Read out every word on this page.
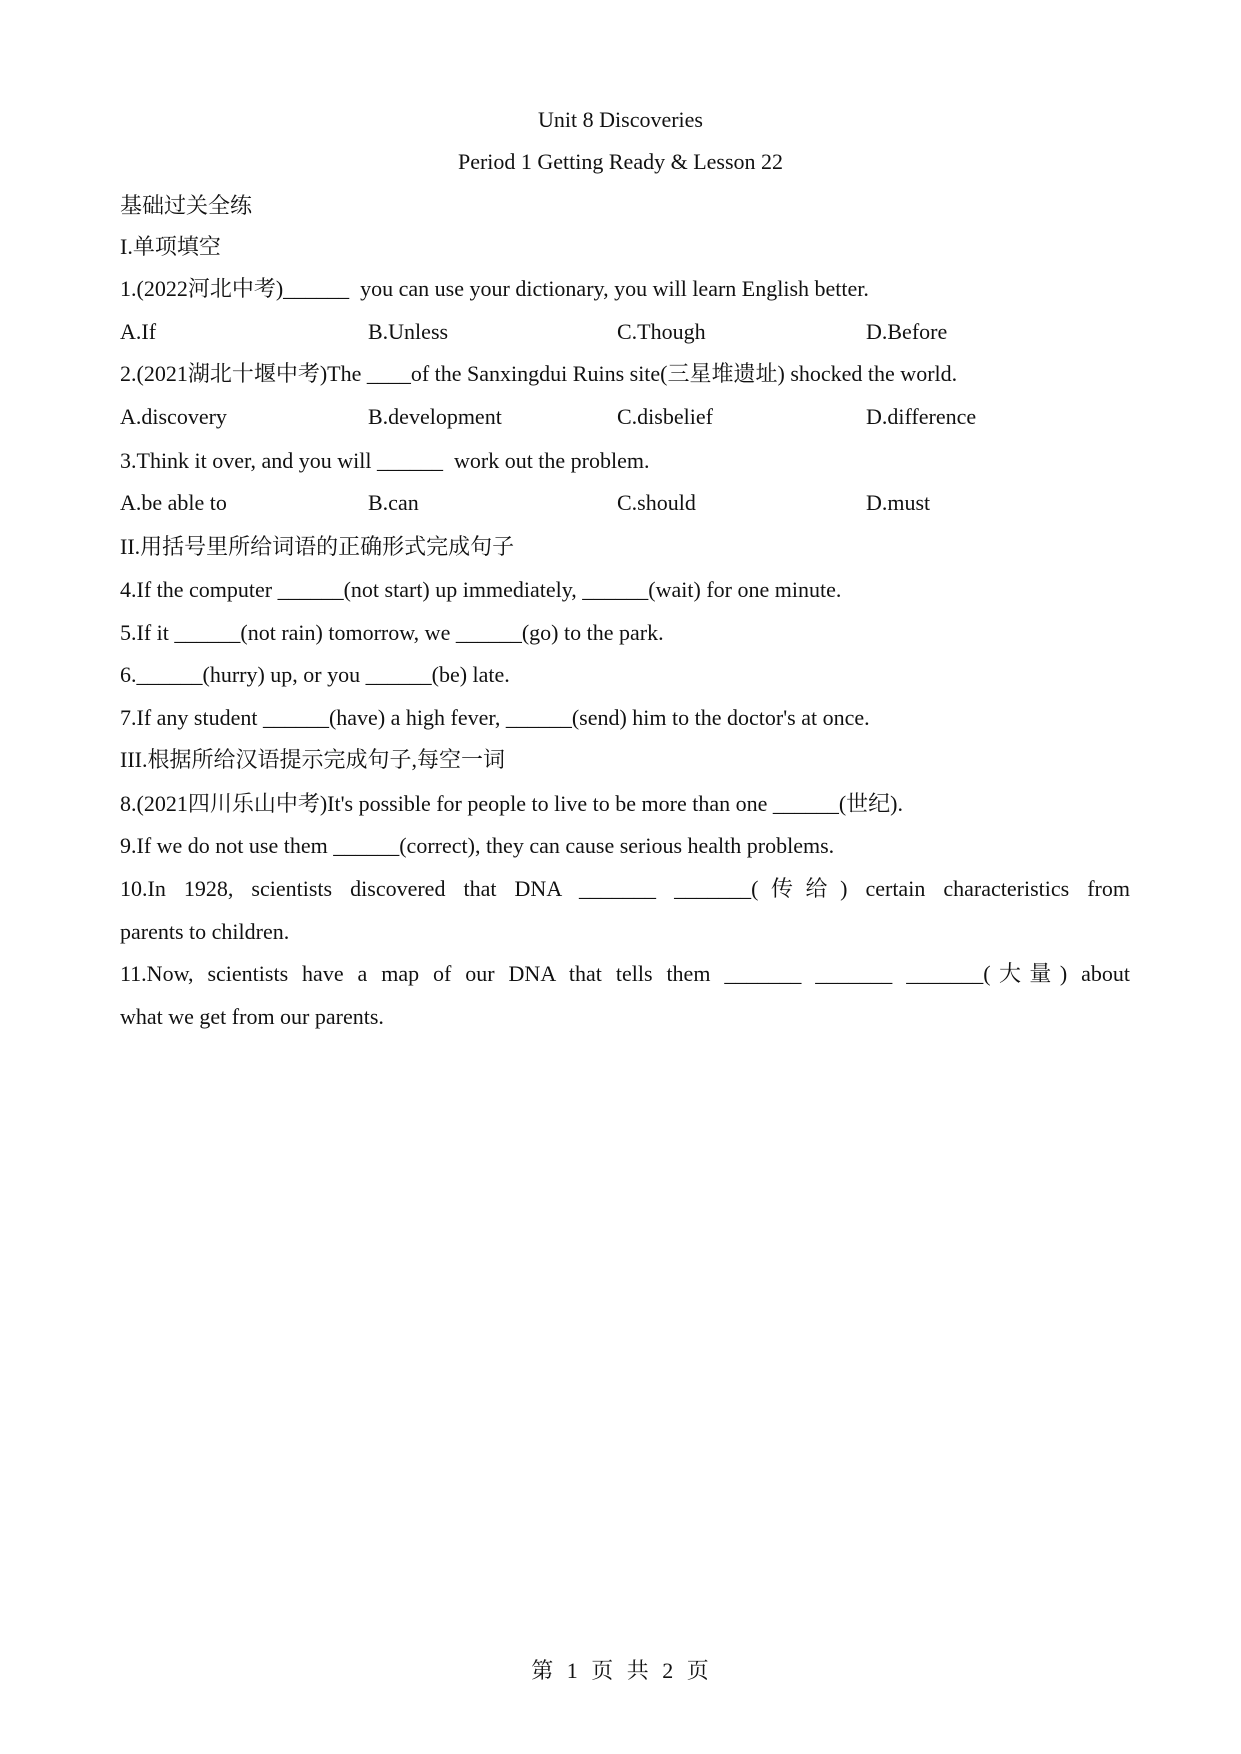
Unit 8 Discoveries
Period 1 Getting Ready & Lesson 22
基础过关全练
I.单项填空
1.(2022河北中考)______  you can use your dictionary, you will learn English better.
A.If	B.Unless	C.Though	D.Before
2.(2021湖北十堰中考)The ____of the Sanxingdui Ruins site(三星堆遗址) shocked the world.
A.discovery	B.development	C.disbelief	D.difference
3.Think it over, and you will ______  work out the problem.
A.be able to	B.can	C.should	D.must
II.用括号里所给词语的正确形式完成句子
4.If the computer ______(not start) up immediately, ______(wait) for one minute.
5.If it ______(not rain) tomorrow, we ______(go) to the park.
6.______(hurry) up, or you ______(be) late.
7.If any student ______(have) a high fever, ______(send) him to the doctor's at once.
III.根据所给汉语提示完成句子,每空一词
8.(2021四川乐山中考)It's possible for people to live to be more than one ______(世纪).
9.If we do not use them ______(correct), they can cause serious health problems.
10.In 1928, scientists discovered that DNA _______ _______(传给) certain characteristics from
parents to children.
11.Now, scientists have a map of our DNA that tells them _______ _______ _______(大量) about
what we get from our parents.
第 1 页 共 2 页
